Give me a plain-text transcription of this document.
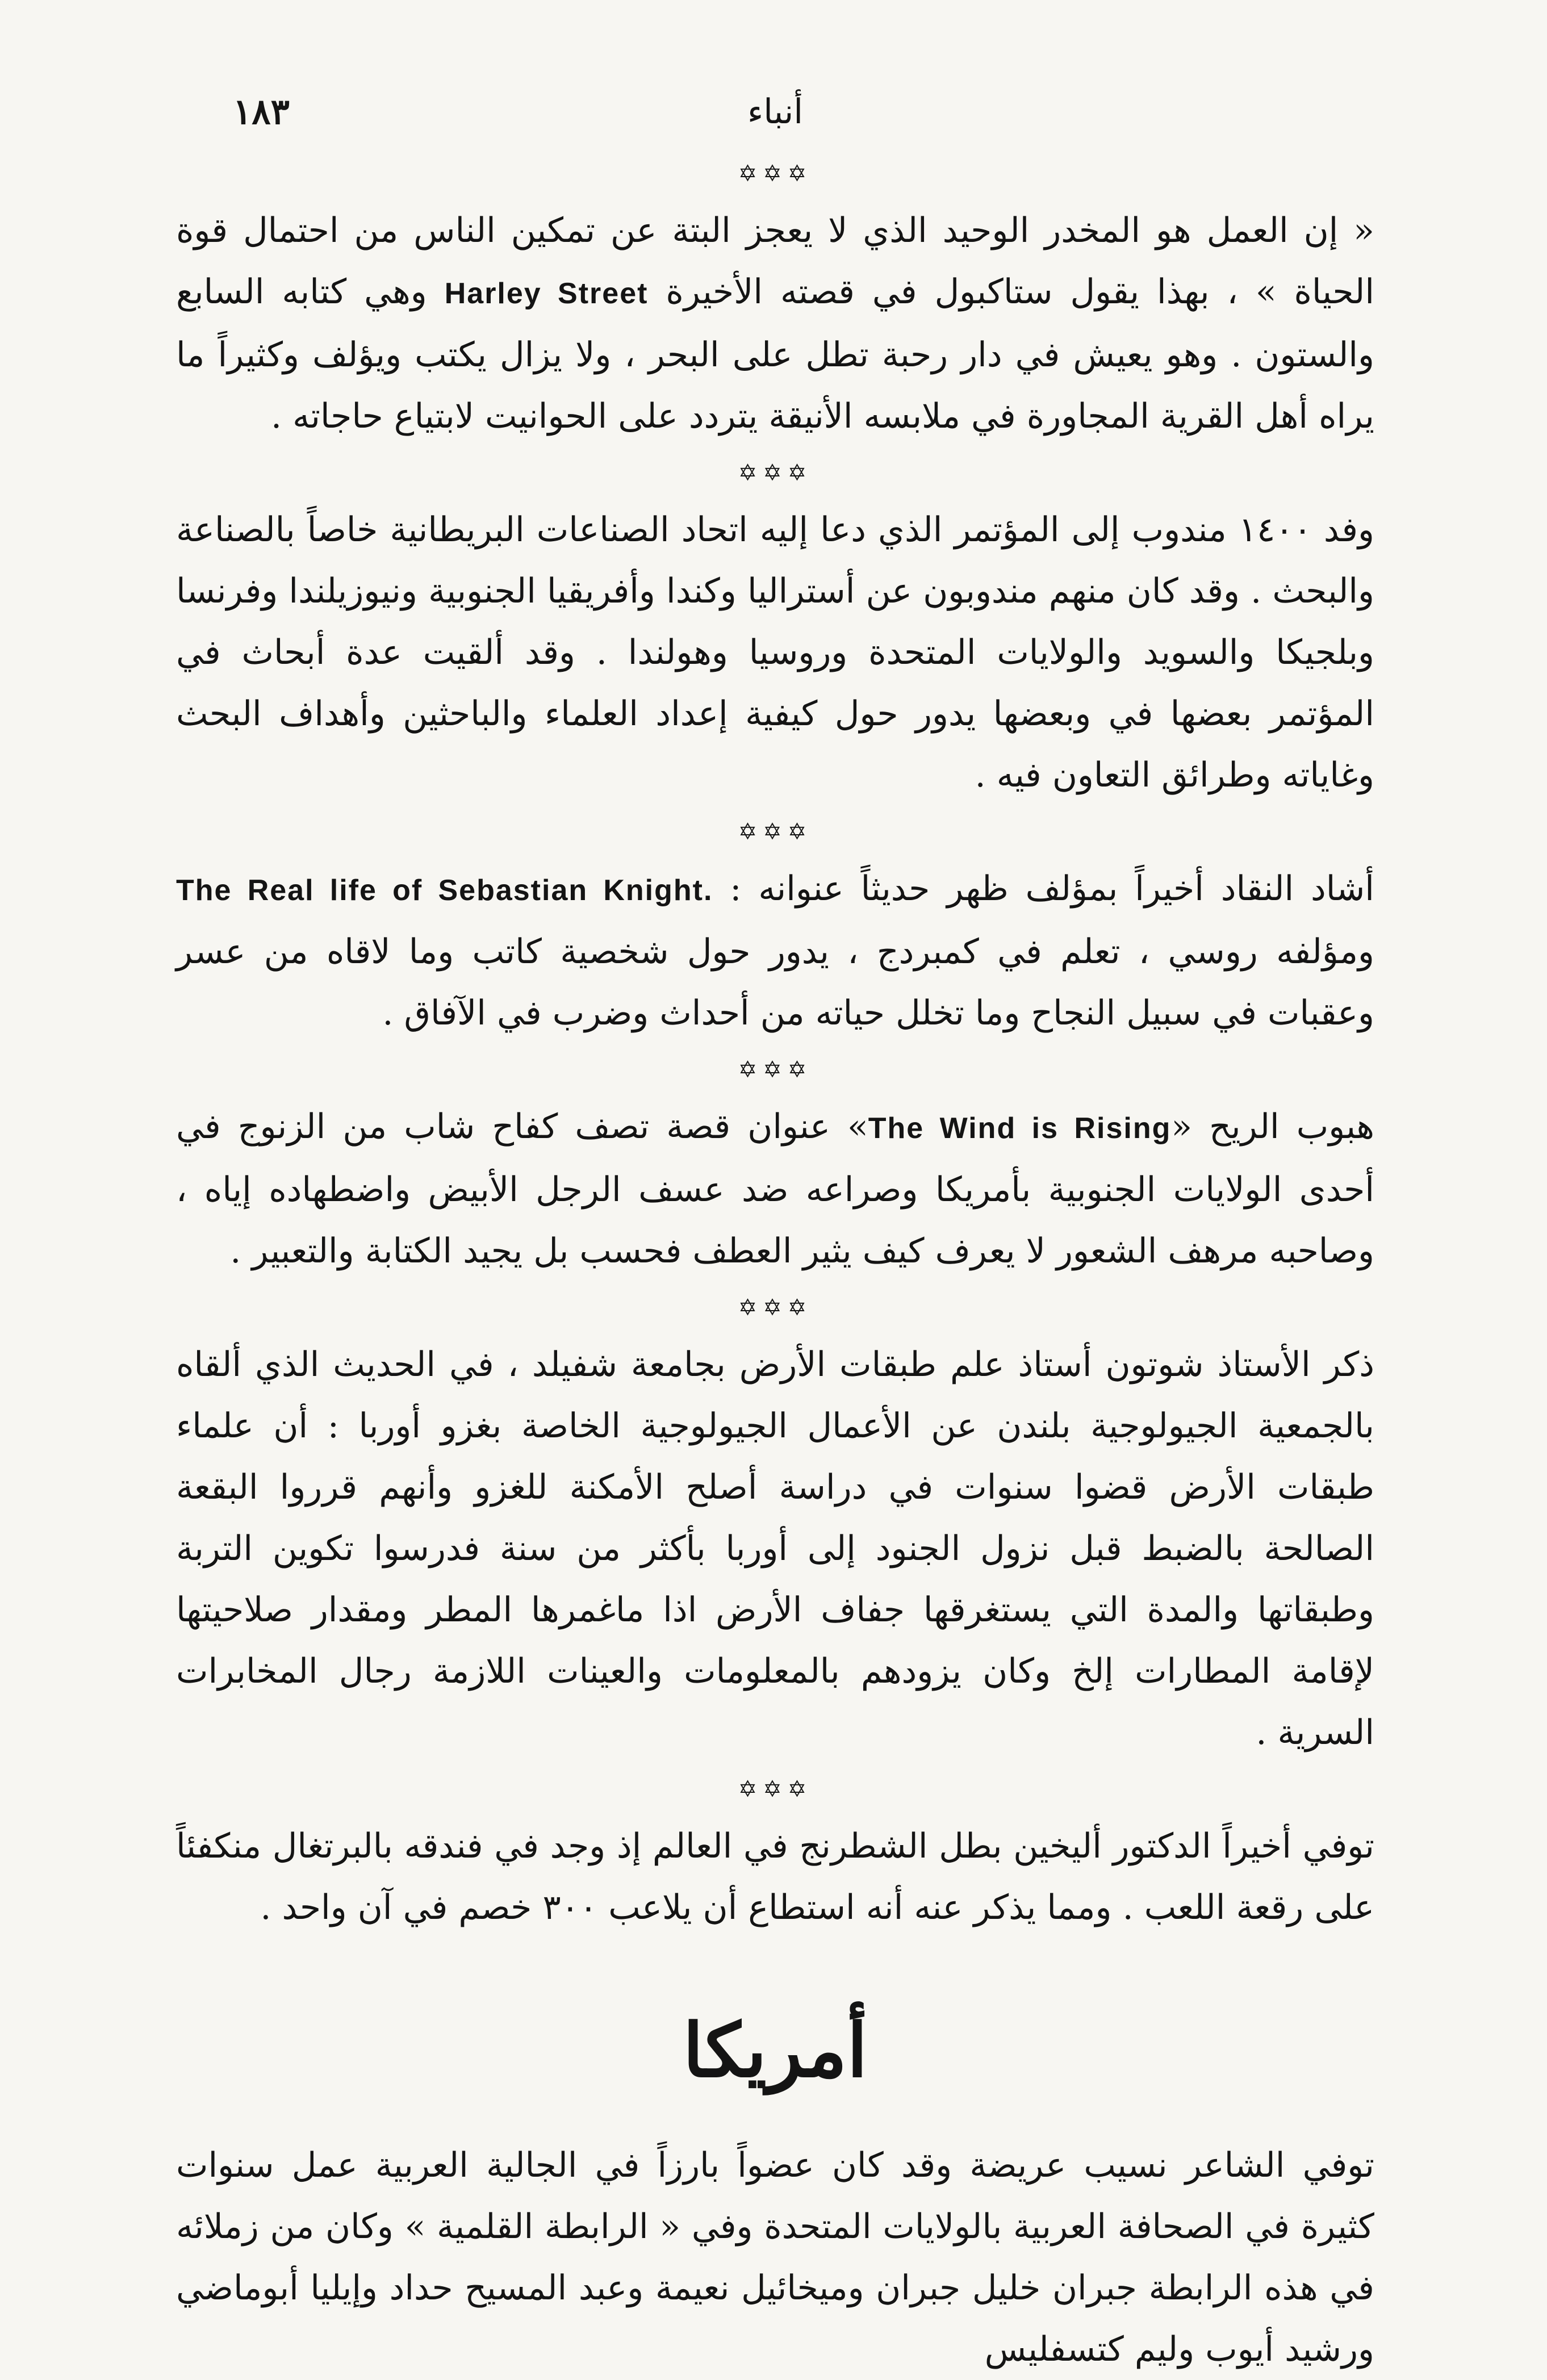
١٨٣	أنباء
✡✡✡

« إن العمل هو المخدر الوحيد الذي لا يعجز البتة عن تمكين الناس من احتمال قوة الحياة » ، بهذا يقول ستاكبول في قصته الأخيرة Harley Street وهي كتابه السابع والستون . وهو يعيش في دار رحبة تطل على البحر ، ولا يزال يكتب ويؤلف وكثيراً ما يراه أهل القرية المجاورة في ملابسه الأنيقة يتردد على الحوانيت لابتياع حاجاته .

✡✡✡

وفد ١٤٠٠ مندوب إلى المؤتمر الذي دعا إليه اتحاد الصناعات البريطانية خاصاً بالصناعة والبحث . وقد كان منهم مندوبون عن أستراليا وكندا وأفريقيا الجنوبية ونيوزيلندا وفرنسا وبلجيكا والسويد والولايات المتحدة وروسيا وهولندا . وقد ألقيت عدة أبحاث في المؤتمر بعضها في وبعضها يدور حول كيفية إعداد العلماء والباحثين وأهداف البحث وغاياته وطرائق التعاون فيه .

✡✡✡

أشاد النقاد أخيراً بمؤلف ظهر حديثاً عنوانه : The Real life of Sebastian Knight. ومؤلفه روسي ، تعلم في كمبردج ، يدور حول شخصية كاتب وما لاقاه من عسر وعقبات في سبيل النجاح وما تخلل حياته من أحداث وضرب في الآفاق .

✡✡✡

هبوب الريح «The Wind is Rising» عنوان قصة تصف كفاح شاب من الزنوج في أحدى الولايات الجنوبية بأمريكا وصراعه ضد عسف الرجل الأبيض واضطهاده إياه ، وصاحبه مرهف الشعور لا يعرف كيف يثير العطف فحسب بل يجيد الكتابة والتعبير .

✡✡✡

ذكر الأستاذ شوتون أستاذ علم طبقات الأرض بجامعة شفيلد ، في الحديث الذي ألقاه بالجمعية الجيولوجية بلندن عن الأعمال الجيولوجية الخاصة بغزو أوربا : أن علماء طبقات الأرض قضوا سنوات في دراسة أصلح الأمكنة للغزو وأنهم قرروا البقعة الصالحة بالضبط قبل نزول الجنود إلى أوربا بأكثر من سنة فدرسوا تكوين التربة وطبقاتها والمدة التي يستغرقها جفاف الأرض اذا ماغمرها المطر ومقدار صلاحيتها لإقامة المطارات إلخ وكان يزودهم بالمعلومات والعينات اللازمة رجال المخابرات السرية .

✡✡✡

توفي أخيراً الدكتور أليخين بطل الشطرنج في العالم إذ وجد في فندقه بالبرتغال منكفئاً على رقعة اللعب . ومما يذكر عنه أنه استطاع أن يلاعب ٣٠٠ خصم في آن واحد .

أمريكا

توفي الشاعر نسيب عريضة وقد كان عضواً بارزاً في الجالية العربية عمل سنوات كثيرة في الصحافة العربية بالولايات المتحدة وفي « الرابطة القلمية » وكان من زملائه في هذه الرابطة جبران خليل جبران وميخائيل نعيمة وعبد المسيح حداد وإيليا أبوماضي ورشيد أيوب وليم كتسفليس
